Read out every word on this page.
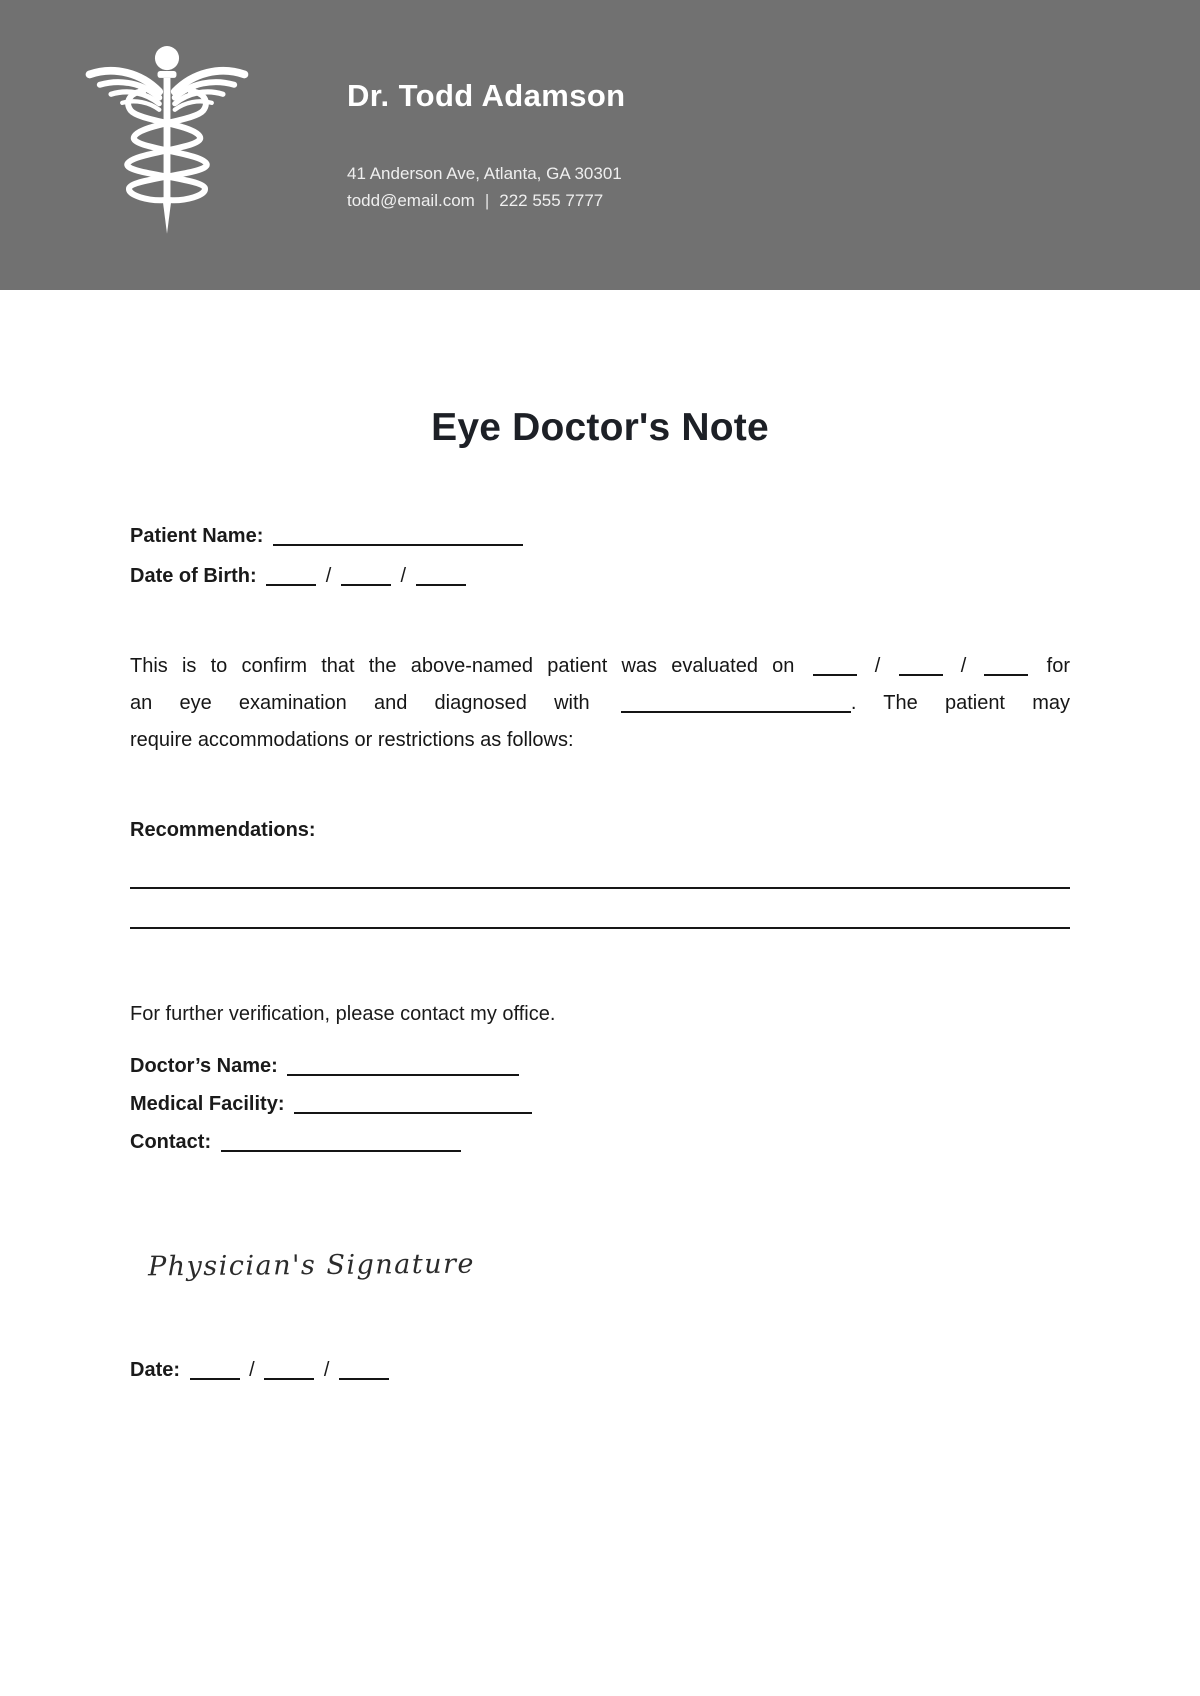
Dr. Todd Adamson
41 Anderson Ave, Atlanta, GA 30301
todd@email.com | 222 555 7777
Eye Doctor's Note
Patient Name:
Date of Birth:	/	/
This is to confirm that the above-named patient was evaluated on	/	/	for
an eye examination and diagnosed with	. The patient may
require accommodations or restrictions as follows:
Recommendations:
For further verification, please contact my office.
Doctor’s Name:
Medical Facility:
Contact:
Physician's Signature
Date:	/	/
